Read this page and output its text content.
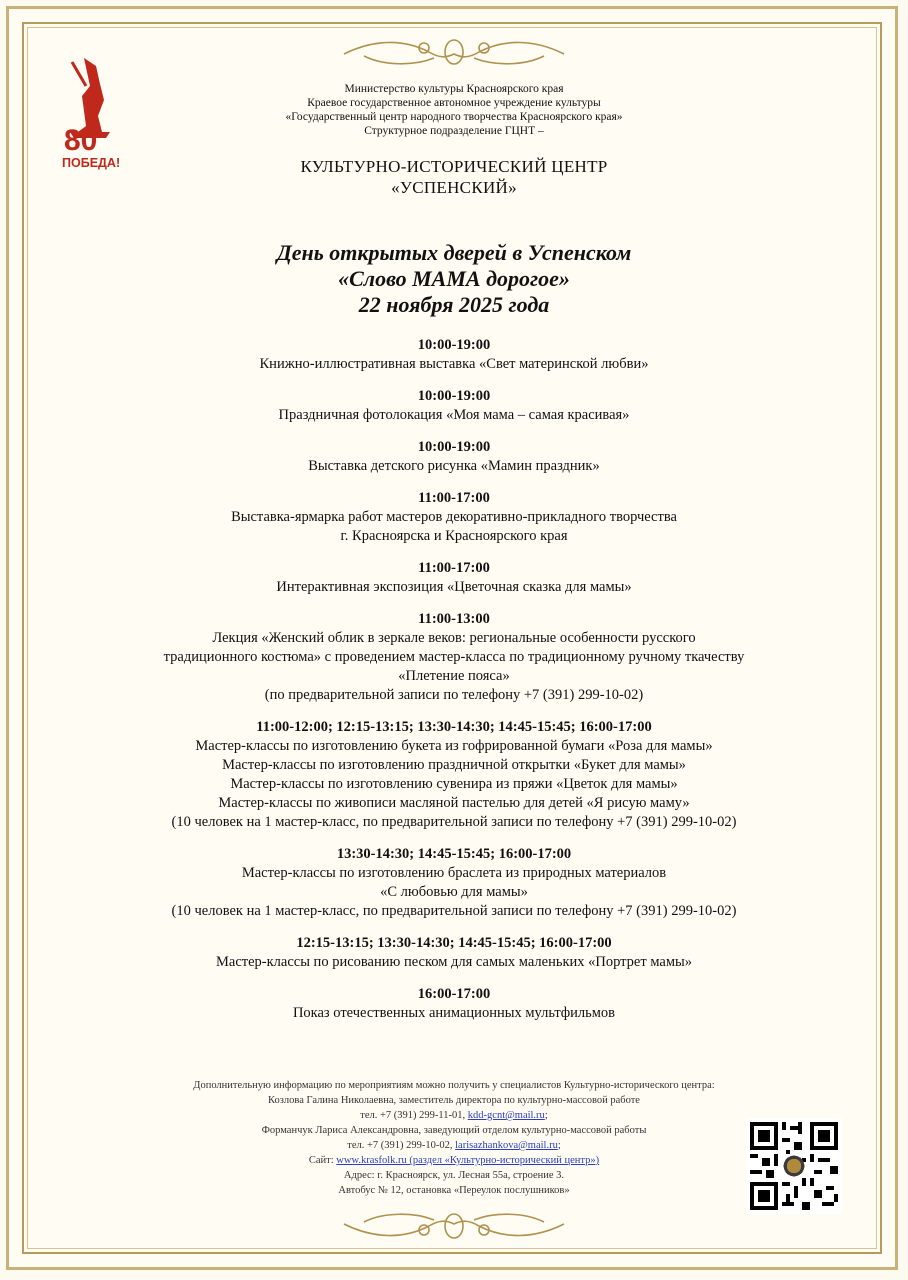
80
ПОБЕДА!
Министерство культуры Красноярского края
Краевое государственное автономное учреждение культуры
«Государственный центр народного творчества Красноярского края»
Структурное подразделение ГЦНТ –
КУЛЬТУРНО-ИСТОРИЧЕСКИЙ ЦЕНТР
«УСПЕНСКИЙ»
День открытых дверей в Успенском
«Слово МАМА дорогое»
22 ноября 2025 года
10:00-19:00
Книжно-иллюстративная выставка «Свет материнской любви»
10:00-19:00
Праздничная фотолокация «Моя мама – самая красивая»
10:00-19:00
Выставка детского рисунка «Мамин праздник»
11:00-17:00
Выставка-ярмарка работ мастеров декоративно-прикладного творчества
г. Красноярска и Красноярского края
11:00-17:00
Интерактивная экспозиция «Цветочная сказка для мамы»
11:00-13:00
Лекция «Женский облик в зеркале веков: региональные особенности русского
традиционного костюма» с проведением мастер-класса по традиционному ручному ткачеству
«Плетение пояса»
(по предварительной записи по телефону +7 (391) 299-10-02)
11:00-12:00; 12:15-13:15; 13:30-14:30; 14:45-15:45; 16:00-17:00
Мастер-классы по изготовлению букета из гофрированной бумаги «Роза для мамы»
Мастер-классы по изготовлению праздничной открытки «Букет для мамы»
Мастер-классы по изготовлению сувенира из пряжи «Цветок для мамы»
Мастер-классы по живописи масляной пастелью для детей «Я рисую маму»
(10 человек на 1 мастер-класс, по предварительной записи по телефону +7 (391) 299-10-02)
13:30-14:30; 14:45-15:45; 16:00-17:00
Мастер-классы по изготовлению браслета из природных материалов
«С любовью для мамы»
(10 человек на 1 мастер-класс, по предварительной записи по телефону +7 (391) 299-10-02)
12:15-13:15; 13:30-14:30; 14:45-15:45; 16:00-17:00
Мастер-классы по рисованию песком для самых маленьких «Портрет мамы»
16:00-17:00
Показ отечественных анимационных мультфильмов
Дополнительную информацию по мероприятиям можно получить у специалистов Культурно-исторического центра:
Козлова Галина Николаевна, заместитель директора по культурно-массовой работе
тел. +7 (391) 299-11-01, kdd-gcnt@mail.ru;
Форманчук Лариса Александровна, заведующий отделом культурно-массовой работы
тел. +7 (391) 299-10-02, larisazhankova@mail.ru;
Сайт: www.krasfolk.ru (раздел «Культурно-исторический центр»)
Адрес: г. Красноярск, ул. Лесная 55а, строение 3.
Автобус № 12, остановка «Переулок послушников»
